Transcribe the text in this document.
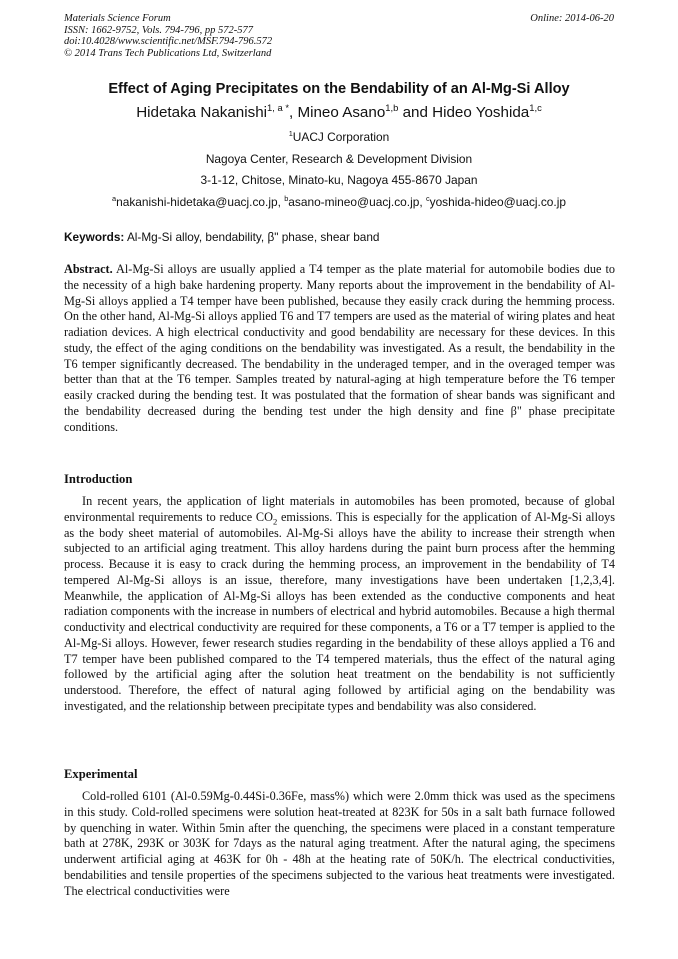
Materials Science Forum
ISSN: 1662-9752, Vols. 794-796, pp 572-577
doi:10.4028/www.scientific.net/MSF.794-796.572
© 2014 Trans Tech Publications Ltd, Switzerland
Online: 2014-06-20
Effect of Aging Precipitates on the Bendability of an Al-Mg-Si Alloy
Hidetaka Nakanishi$^{1, a *}$, Mineo Asano$^{1,b}$ and Hideo Yoshida$^{1,c}$
$^1$UACJ Corporation
Nagoya Center, Research & Development Division
3-1-12, Chitose, Minato-ku, Nagoya 455-8670 Japan
$^a$nakanishi-hidetaka@uacj.co.jp, $^b$asano-mineo@uacj.co.jp, $^c$yoshida-hideo@uacj.co.jp
Keywords: Al-Mg-Si alloy, bendability, β" phase, shear band
Abstract. Al-Mg-Si alloys are usually applied a T4 temper as the plate material for automobile bodies due to the necessity of a high bake hardening property. Many reports about the improvement in the bendability of Al-Mg-Si alloys applied a T4 temper have been published, because they easily crack during the hemming process. On the other hand, Al-Mg-Si alloys applied T6 and T7 tempers are used as the material of wiring plates and heat radiation devices. A high electrical conductivity and good bendability are necessary for these devices. In this study, the effect of the aging conditions on the bendability was investigated. As a result, the bendability in the T6 temper significantly decreased. The bendability in the underaged temper, and in the overaged temper was better than that at the T6 temper. Samples treated by natural-aging at high temperature before the T6 temper easily cracked during the bending test. It was postulated that the formation of shear bands was significant and the bendability decreased during the bending test under the high density and fine β" phase precipitate conditions.
Introduction
In recent years, the application of light materials in automobiles has been promoted, because of global environmental requirements to reduce $CO_2$ emissions. This is especially for the application of Al-Mg-Si alloys as the body sheet material of automobiles. Al-Mg-Si alloys have the ability to increase their strength when subjected to an artificial aging treatment. This alloy hardens during the paint burn process after the hemming process. Because it is easy to crack during the hemming process, an improvement in the bendability of T4 tempered Al-Mg-Si alloys is an issue, therefore, many investigations have been undertaken [1,2,3,4]. Meanwhile, the application of Al-Mg-Si alloys has been extended as the conductive components and heat radiation components with the increase in numbers of electrical and hybrid automobiles. Because a high thermal conductivity and electrical conductivity are required for these components, a T6 or a T7 temper is applied to the Al-Mg-Si alloys. However, fewer research studies regarding in the bendability of these alloys applied a T6 and T7 temper have been published compared to the T4 tempered materials, thus the effect of the natural aging followed by the artificial aging after the solution heat treatment on the bendability is not sufficiently understood. Therefore, the effect of natural aging followed by artificial aging on the bendability was investigated, and the relationship between precipitate types and bendability was also considered.
Experimental
Cold-rolled 6101 (Al-0.59Mg-0.44Si-0.36Fe, mass%) which were 2.0mm thick was used as the specimens in this study. Cold-rolled specimens were solution heat-treated at 823K for 50s in a salt bath furnace followed by quenching in water. Within 5min after the quenching, the specimens were placed in a constant temperature bath at 278K, 293K or 303K for 7days as the natural aging treatment. After the natural aging, the specimens underwent artificial aging at 463K for 0h - 48h at the heating rate of 50K/h. The electrical conductivities, bendabilities and tensile properties of the specimens subjected to the various heat treatments were investigated. The electrical conductivities were
